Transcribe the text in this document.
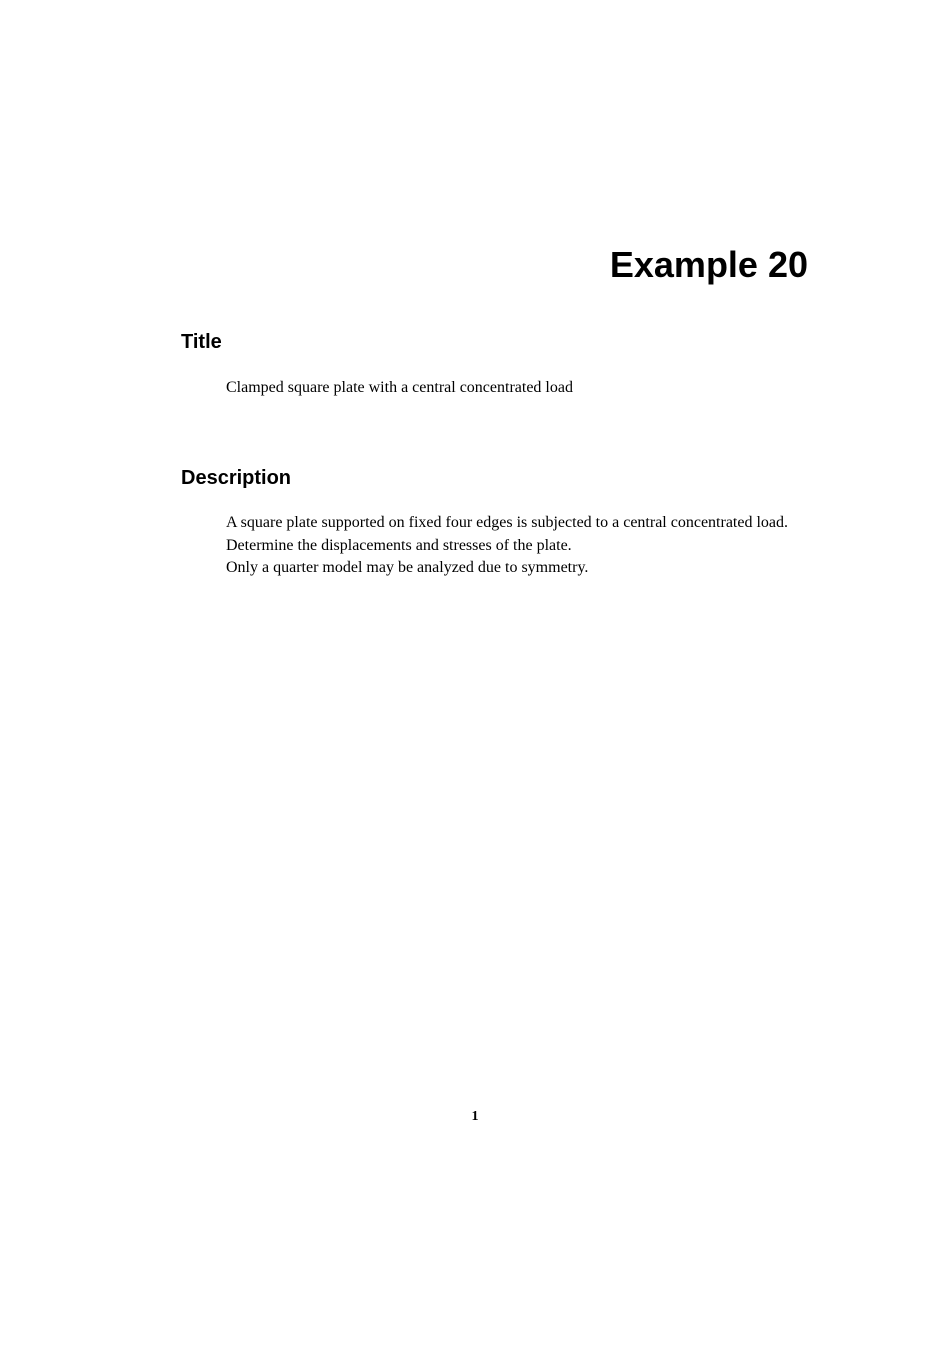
Example 20
Title
Clamped square plate with a central concentrated load
Description
A square plate supported on fixed four edges is subjected to a central concentrated load.
Determine the displacements and stresses of the plate.
Only a quarter model may be analyzed due to symmetry.
1
